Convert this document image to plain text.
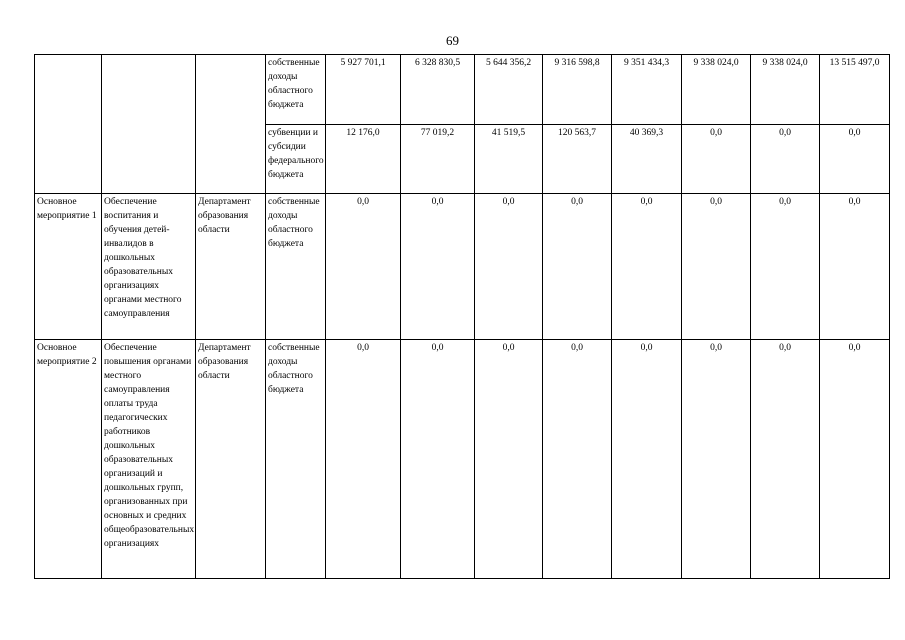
69
			собственные доходы областного бюджета	5 927 701,1	6 328 830,5	5 644 356,2	9 316 598,8	9 351 434,3	9 338 024,0	9 338 024,0	13 515 497,0
			субвенции и субсидии федерального бюджета	12 176,0	77 019,2	41 519,5	120 563,7	40 369,3	0,0	0,0	0,0
Основное мероприятие 1	Обеспечение воспитания и обучения детей-инвалидов в дошкольных образовательных организациях органами местного самоуправления	Департамент образования области	собственные доходы областного бюджета	0,0	0,0	0,0	0,0	0,0	0,0	0,0	0,0
Основное мероприятие 2	Обеспечение повышения органами местного самоуправления оплаты труда педагогических работников дошкольных образовательных организаций и дошкольных групп, организованных при основных и средних общеобразовательных организациях	Департамент образования области	собственные доходы областного бюджета	0,0	0,0	0,0	0,0	0,0	0,0	0,0	0,0
